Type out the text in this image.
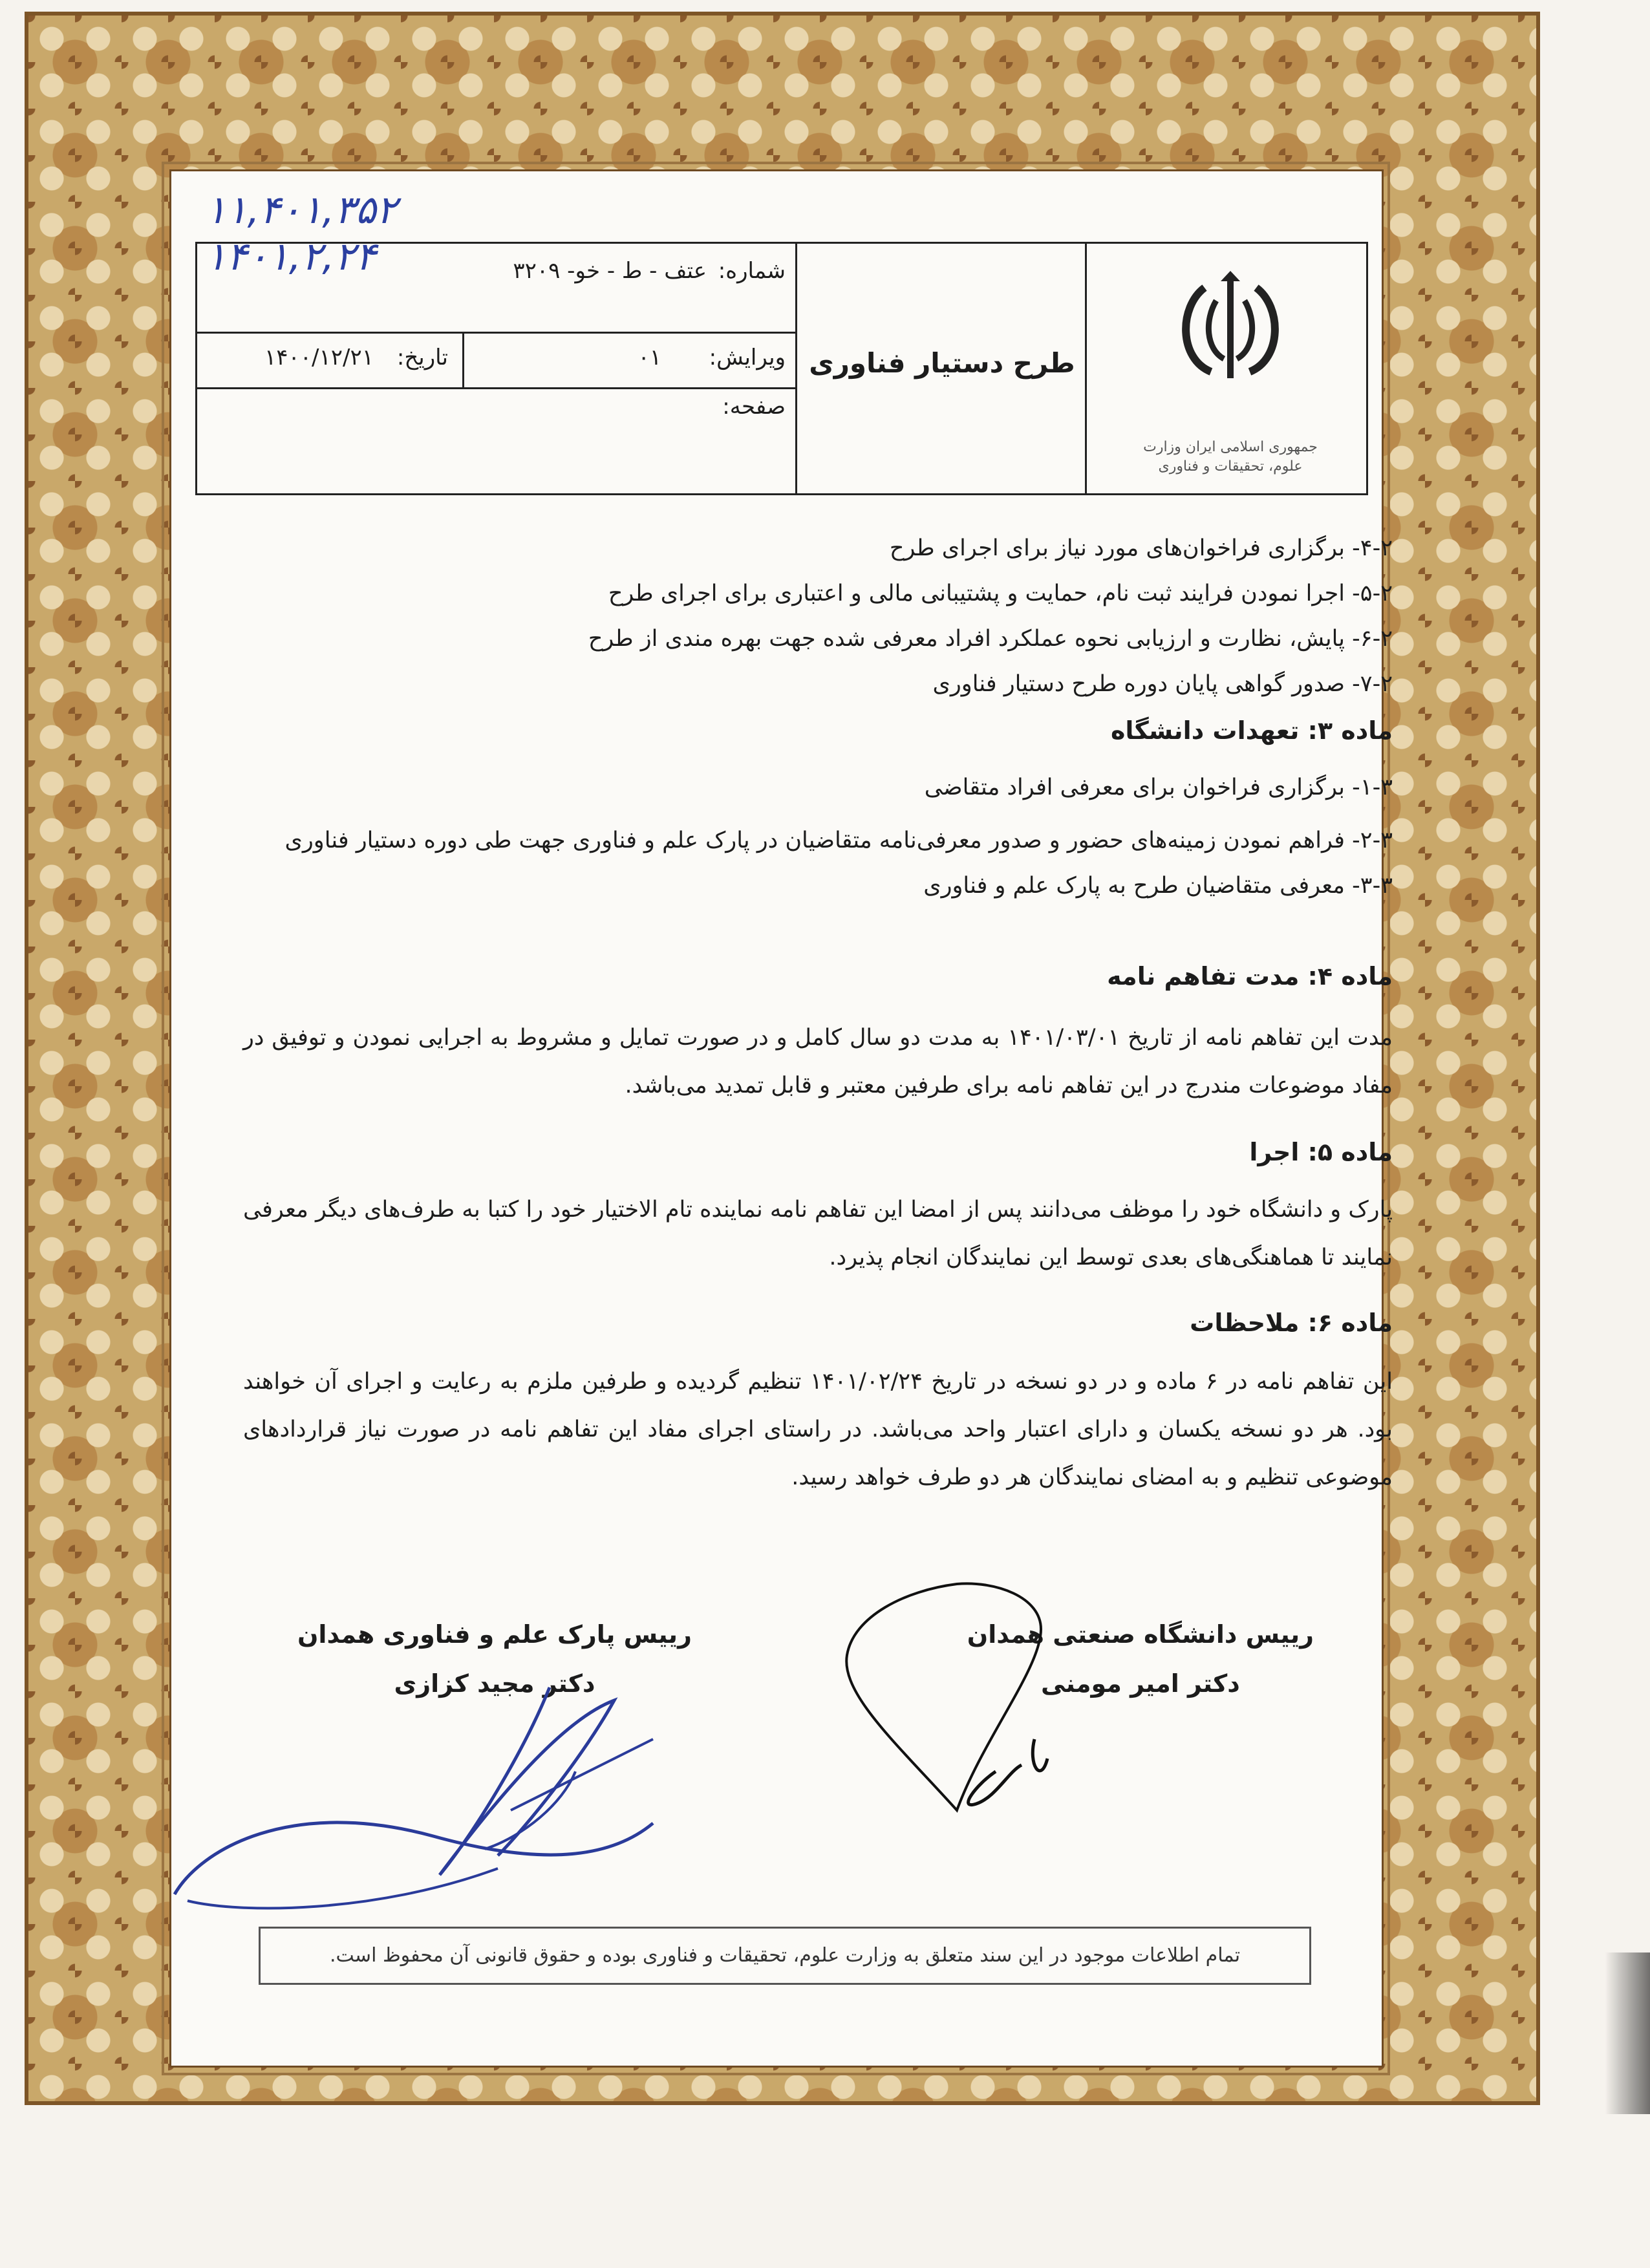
۱۱,۴۰۱,۳۵۲
۱۴۰۱,۲,۲۴
جمهوری اسلامی ایران وزارت علوم، تحقیقات و فناوری
طرح دستیار فناوری
شماره:
عتف - ط - خو- ۳۲۰۹
ویرایش:
۰۱
تاریخ:
۱۴۰۰/۱۲/۲۱
صفحه:
۴-۲- برگزاری فراخوان‌های مورد نیاز برای اجرای طرح
۵-۲- اجرا نمودن فرایند ثبت نام، حمایت و پشتیبانی مالی و اعتباری برای اجرای طرح
۶-۲- پایش، نظارت و ارزیابی نحوه عملکرد افراد معرفی شده جهت بهره مندی از طرح
۷-۲- صدور گواهی پایان دوره طرح دستیار فناوری
ماده ۳: تعهدات دانشگاه
۱-۳- برگزاری فراخوان برای معرفی افراد متقاضی
۲-۳- فراهم نمودن زمینه‌های حضور و صدور معرفی‌نامه متقاضیان در پارک علم و فناوری جهت طی دوره دستیار فناوری
۳-۳- معرفی متقاضیان طرح به پارک علم و فناوری
ماده ۴: مدت تفاهم نامه
مدت این تفاهم نامه از تاریخ ۱۴۰۱/۰۳/۰۱ به مدت دو سال کامل و در صورت تمایل و مشروط به اجرایی نمودن و توفیق در مفاد موضوعات مندرج در این تفاهم نامه برای طرفین معتبر و قابل تمدید می‌باشد.
ماده ۵: اجرا
پارک و دانشگاه خود را موظف می‌دانند پس از امضا این تفاهم نامه نماینده تام الاختیار خود را کتبا به طرف‌های دیگر معرفی نمایند تا هماهنگی‌های بعدی توسط این نمایندگان انجام پذیرد.
ماده ۶: ملاحظات
این تفاهم نامه در ۶ ماده و در دو نسخه در تاریخ ۱۴۰۱/۰۲/۲۴ تنظیم گردیده و طرفین ملزم به رعایت و اجرای آن خواهند بود. هر دو نسخه یکسان و دارای اعتبار واحد می‌باشد. در راستای اجرای مفاد این تفاهم نامه در صورت نیاز قراردادهای موضوعی تنظیم و به امضای نمایندگان هر دو طرف خواهد رسید.
رییس دانشگاه صنعتی همدان
دکتر امیر مومنی
رییس پارک علم و فناوری همدان
دکتر مجید کزازی
تمام اطلاعات موجود در این سند متعلق به وزارت علوم، تحقیقات و فناوری بوده و حقوق قانونی آن محفوظ است.
